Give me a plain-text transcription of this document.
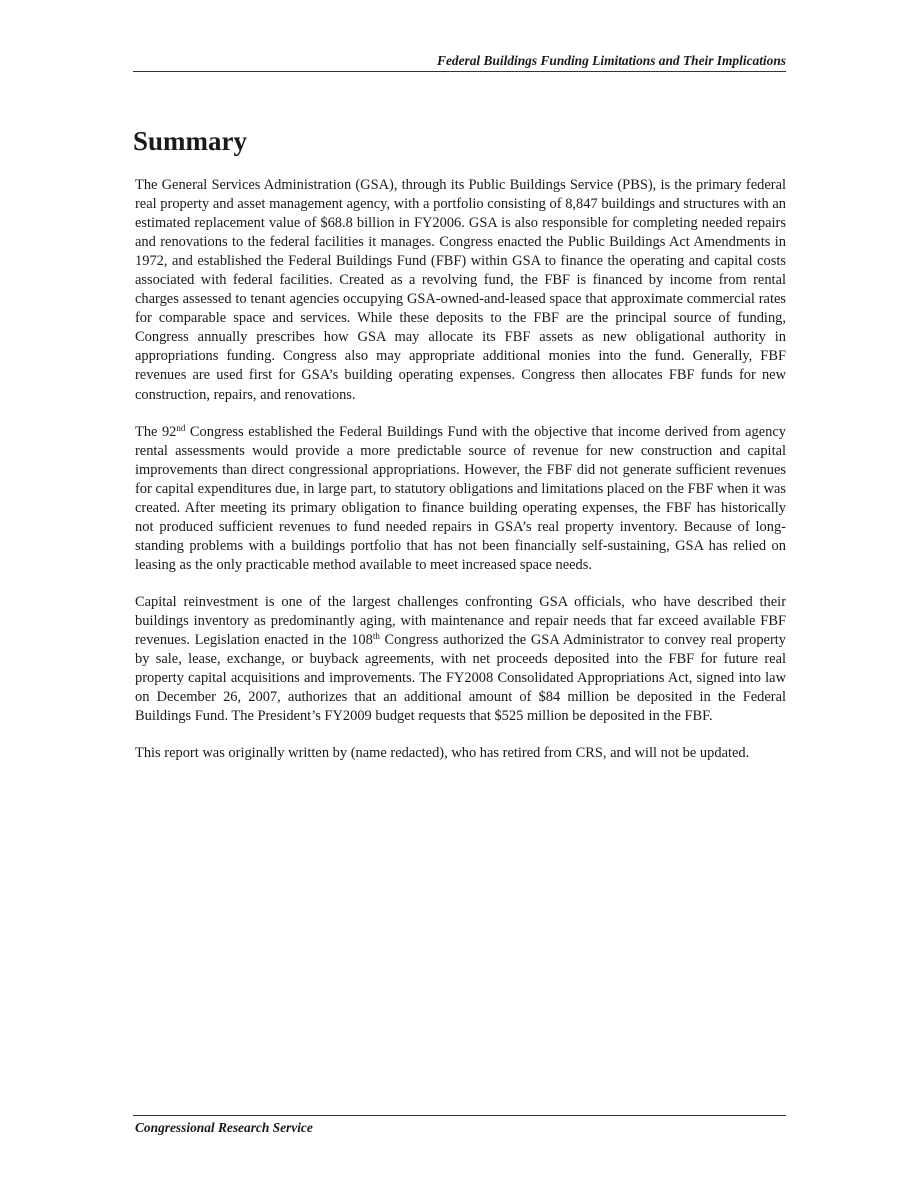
Federal Buildings Funding Limitations and Their Implications
Summary

The General Services Administration (GSA), through its Public Buildings Service (PBS), is the primary federal real property and asset management agency, with a portfolio consisting of 8,847 buildings and structures with an estimated replacement value of $68.8 billion in FY2006. GSA is also responsible for completing needed repairs and renovations to the federal facilities it manages. Congress enacted the Public Buildings Act Amendments in 1972, and established the Federal Buildings Fund (FBF) within GSA to finance the operating and capital costs associated with federal facilities. Created as a revolving fund, the FBF is financed by income from rental charges assessed to tenant agencies occupying GSA-owned-and-leased space that approximate commercial rates for comparable space and services. While these deposits to the FBF are the principal source of funding, Congress annually prescribes how GSA may allocate its FBF assets as new obligational authority in appropriations funding. Congress also may appropriate additional monies into the fund. Generally, FBF revenues are used first for GSA’s building operating expenses. Congress then allocates FBF funds for new construction, repairs, and renovations.

The 92nd Congress established the Federal Buildings Fund with the objective that income derived from agency rental assessments would provide a more predictable source of revenue for new construction and capital improvements than direct congressional appropriations. However, the FBF did not generate sufficient revenues for capital expenditures due, in large part, to statutory obligations and limitations placed on the FBF when it was created. After meeting its primary obligation to finance building operating expenses, the FBF has historically not produced sufficient revenues to fund needed repairs in GSA’s real property inventory. Because of long-standing problems with a buildings portfolio that has not been financially self-sustaining, GSA has relied on leasing as the only practicable method available to meet increased space needs.

Capital reinvestment is one of the largest challenges confronting GSA officials, who have described their buildings inventory as predominantly aging, with maintenance and repair needs that far exceed available FBF revenues. Legislation enacted in the 108th Congress authorized the GSA Administrator to convey real property by sale, lease, exchange, or buyback agreements, with net proceeds deposited into the FBF for future real property capital acquisitions and improvements. The FY2008 Consolidated Appropriations Act, signed into law on December 26, 2007, authorizes that an additional amount of $84 million be deposited in the Federal Buildings Fund. The President’s FY2009 budget requests that $525 million be deposited in the FBF.

This report was originally written by (name redacted), who has retired from CRS, and will not be updated.

Congressional Research Service
